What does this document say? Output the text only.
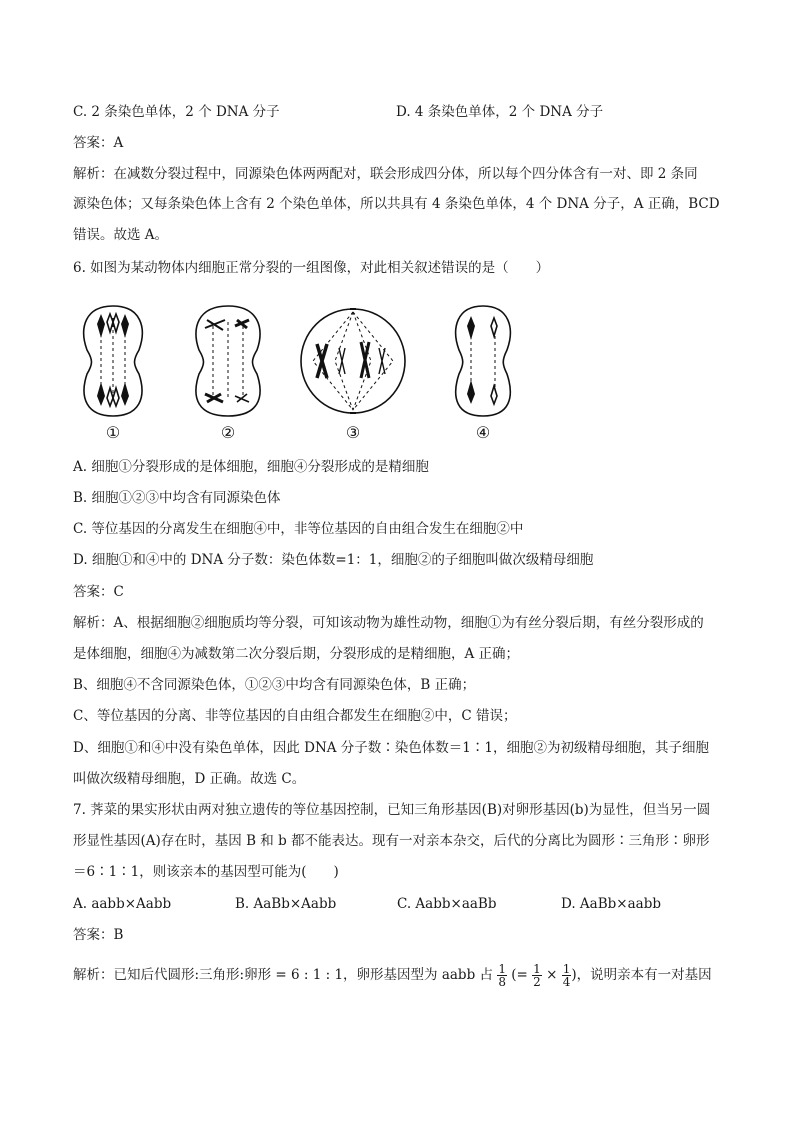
C. 2 条染色单体，2 个 DNA 分子	D. 4 条染色单体，2 个 DNA 分子
答案：A
解析：在减数分裂过程中，同源染色体两两配对，联会形成四分体，所以每个四分体含有一对、即 2 条同
源染色体；又每条染色体上含有 2 个染色单体，所以共具有 4 条染色单体，4 个 DNA 分子，A 正确，BCD
错误。故选 A。
6. 如图为某动物体内细胞正常分裂的一组图像，对此相关叙述错误的是（　　）
①	②	③	④
A. 细胞①分裂形成的是体细胞，细胞④分裂形成的是精细胞
B. 细胞①②③中均含有同源染色体
C. 等位基因的分离发生在细胞④中，非等位基因的自由组合发生在细胞②中
D. 细胞①和④中的 DNA 分子数：染色体数=1：1，细胞②的子细胞叫做次级精母细胞
答案：C
解析：A、根据细胞②细胞质均等分裂，可知该动物为雄性动物，细胞①为有丝分裂后期，有丝分裂形成的
是体细胞，细胞④为减数第二次分裂后期，分裂形成的是精细胞，A 正确；
B、细胞④不含同源染色体，①②③中均含有同源染色体，B 正确；
C、等位基因的分离、非等位基因的自由组合都发生在细胞②中，C 错误；
D、细胞①和④中没有染色单体，因此 DNA 分子数∶染色体数＝1∶1，细胞②为初级精母细胞，其子细胞
叫做次级精母细胞，D 正确。故选 C。
7. 荠菜的果实形状由两对独立遗传的等位基因控制，已知三角形基因(B)对卵形基因(b)为显性，但当另一圆
形显性基因(A)存在时，基因 B 和 b 都不能表达。现有一对亲本杂交，后代的分离比为圆形∶三角形∶卵形
＝6∶1∶1，则该亲本的基因型可能为(　　)
A. aabb×Aabb	B. AaBb×Aabb	C. Aabb×aaBb	D. AaBb×aabb
答案：B
解析：已知后代圆形:三角形:卵形 = 6 : 1 : 1，卵形基因型为 aabb 占 $\frac{1}{8}$ (= $\frac{1}{2} \times \frac{1}{4}$ )，说明亲本有一对基因
